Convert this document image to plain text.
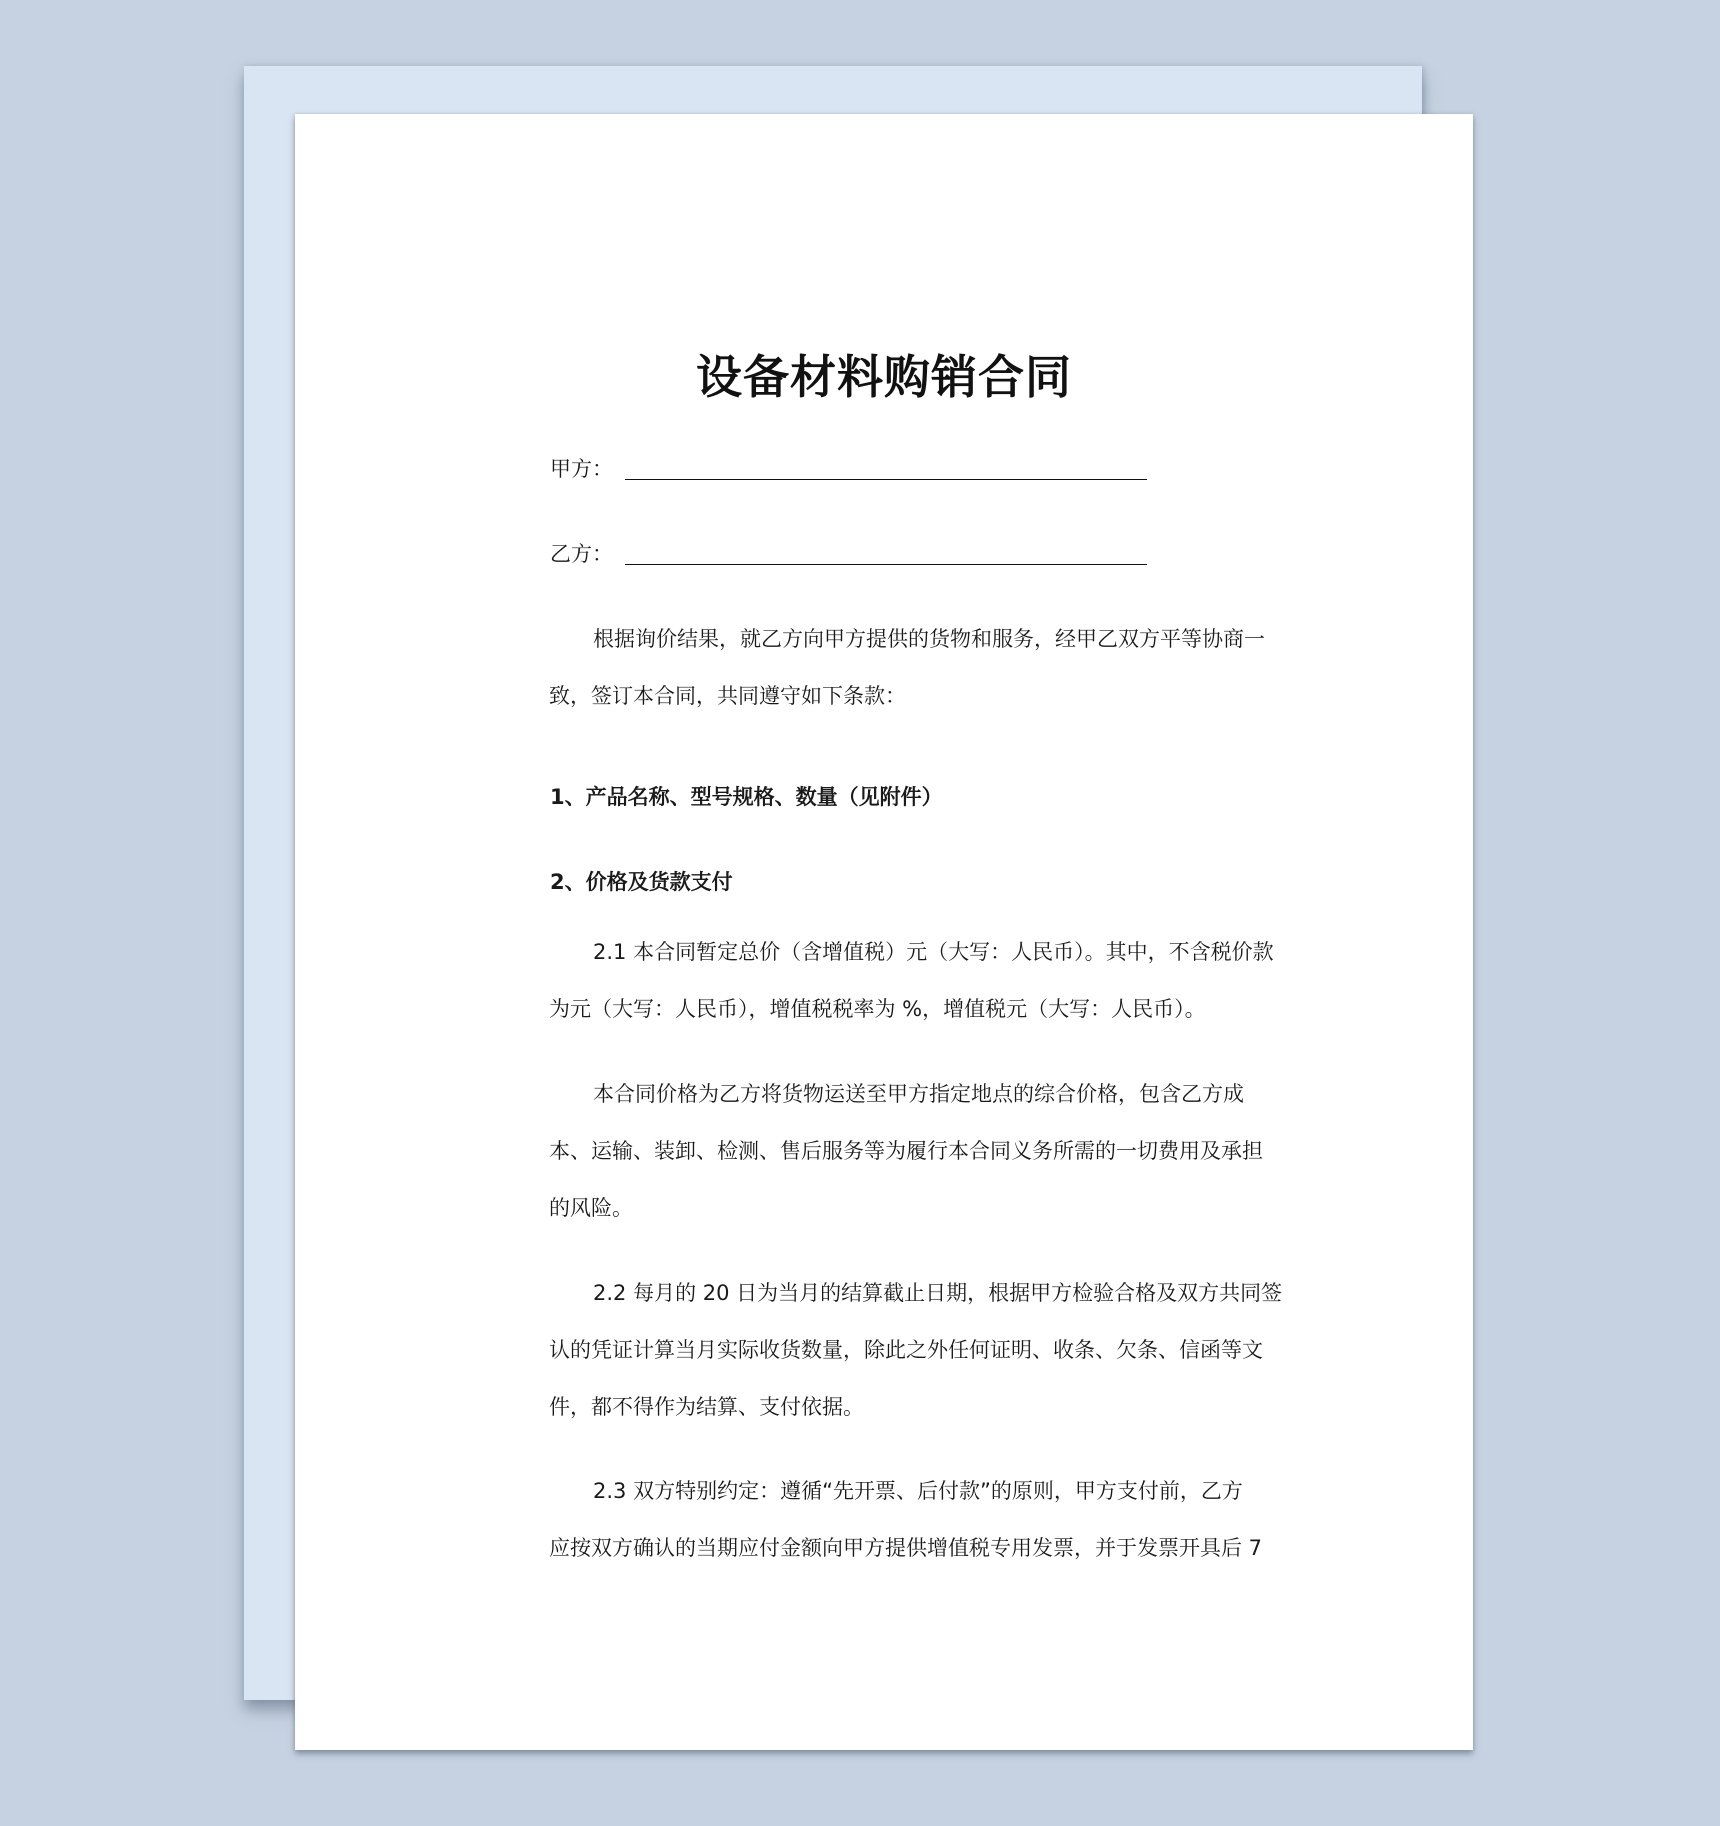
设备材料购销合同
甲方：
乙方：
根据询价结果，就乙方向甲方提供的货物和服务，经甲乙双方平等协商一
致，签订本合同，共同遵守如下条款：
1、产品名称、型号规格、数量（见附件）
2、价格及货款支付
2.1 本合同暂定总价（含增值税）元（大写：人民币）。其中，不含税价款
为元（大写：人民币），增值税税率为 %，增值税元（大写：人民币）。
本合同价格为乙方将货物运送至甲方指定地点的综合价格，包含乙方成
本、运输、装卸、检测、售后服务等为履行本合同义务所需的一切费用及承担
的风险。
2.2 每月的 20 日为当月的结算截止日期，根据甲方检验合格及双方共同签
认的凭证计算当月实际收货数量，除此之外任何证明、收条、欠条、信函等文
件，都不得作为结算、支付依据。
2.3 双方特别约定：遵循“先开票、后付款”的原则，甲方支付前，乙方
应按双方确认的当期应付金额向甲方提供增值税专用发票，并于发票开具后 7
